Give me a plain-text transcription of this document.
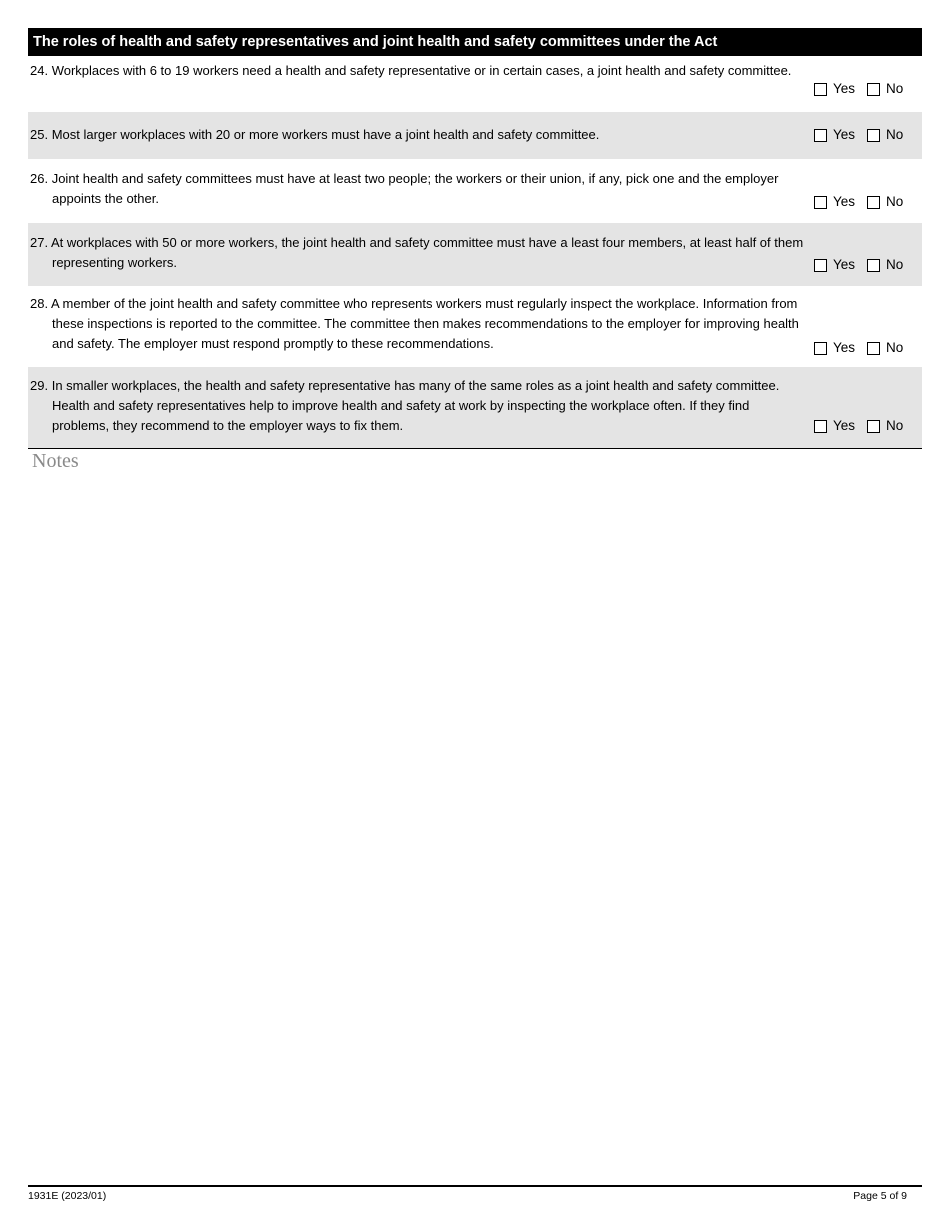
The roles of health and safety representatives and joint health and safety committees under the Act
24. Workplaces with 6 to 19 workers need a health and safety representative or in certain cases, a joint health and safety committee.
Yes No
25. Most larger workplaces with 20 or more workers must have a joint health and safety committee.	Yes No
26. Joint health and safety committees must have at least two people; the workers or their union, if any, pick one and the employer appoints the other.	Yes No
27. At workplaces with 50 or more workers, the joint health and safety committee must have a least four members, at least half of them representing workers.	Yes No
28. A member of the joint health and safety committee who represents workers must regularly inspect the workplace. Information from these inspections is reported to the committee. The committee then makes recommendations to the employer for improving health and safety. The employer must respond promptly to these recommendations.	Yes No
29. In smaller workplaces, the health and safety representative has many of the same roles as a joint health and safety committee. Health and safety representatives help to improve health and safety at work by inspecting the workplace often. If they find problems, they recommend to the employer ways to fix them.	Yes No
Notes
1931E (2023/01)	Page 5 of 9
